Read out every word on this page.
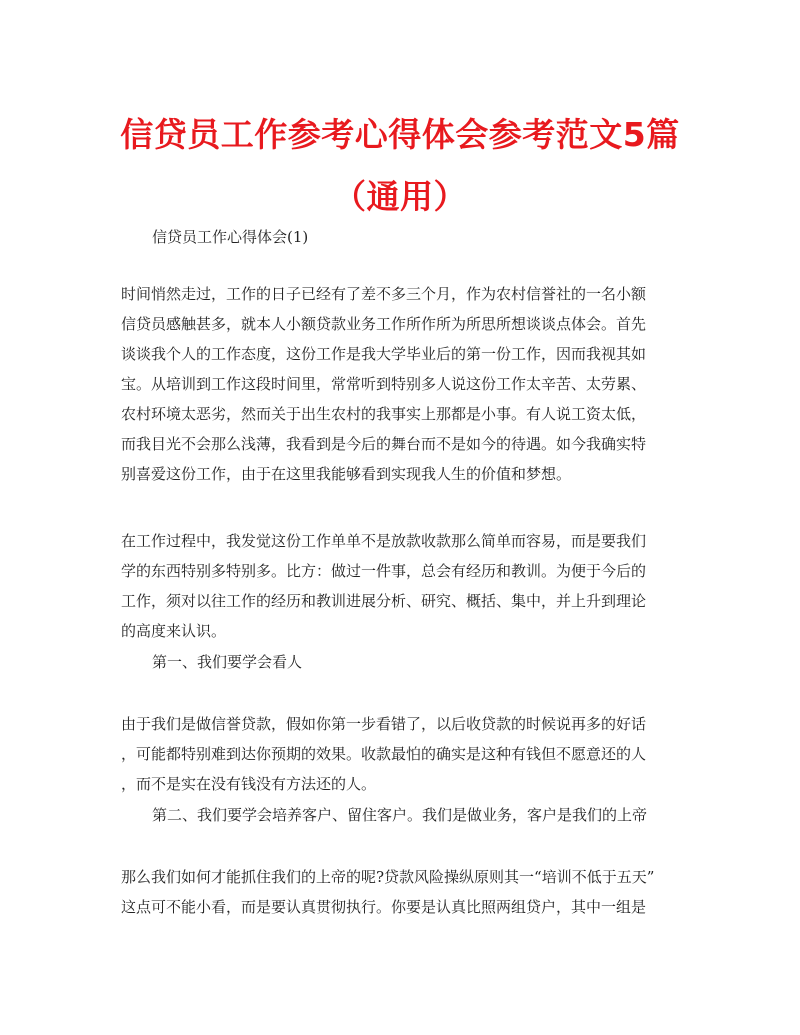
信贷员工作参考心得体会参考范文5篇（通用）

信贷员工作心得体会(1)

时间悄然走过，工作的日子已经有了差不多三个月，作为农村信誉社的一名小额

信贷员感触甚多，就本人小额贷款业务工作所作所为所思所想谈谈点体会。首先

谈谈我个人的工作态度，这份工作是我大学毕业后的第一份工作，因而我视其如

宝。从培训到工作这段时间里，常常听到特别多人说这份工作太辛苦、太劳累、

农村环境太恶劣，然而关于出生农村的我事实上那都是小事。有人说工资太低，

而我目光不会那么浅薄，我看到是今后的舞台而不是如今的待遇。如今我确实特

别喜爱这份工作，由于在这里我能够看到实现我人生的价值和梦想。

在工作过程中，我发觉这份工作单单不是放款收款那么简单而容易，而是要我们

学的东西特别多特别多。比方：做过一件事，总会有经历和教训。为便于今后的

工作，须对以往工作的经历和教训进展分析、研究、概括、集中，并上升到理论

的高度来认识。

第一、我们要学会看人

由于我们是做信誉贷款，假如你第一步看错了，以后收贷款的时候说再多的好话

，可能都特别难到达你预期的效果。收款最怕的确实是这种有钱但不愿意还的人

，而不是实在没有钱没有方法还的人。

第二、我们要学会培养客户、留住客户。我们是做业务，客户是我们的上帝

那么我们如何才能抓住我们的上帝的呢?贷款风险操纵原则其一“培训不低于五天”

这点可不能小看，而是要认真贯彻执行。你要是认真比照两组贷户，其中一组是
